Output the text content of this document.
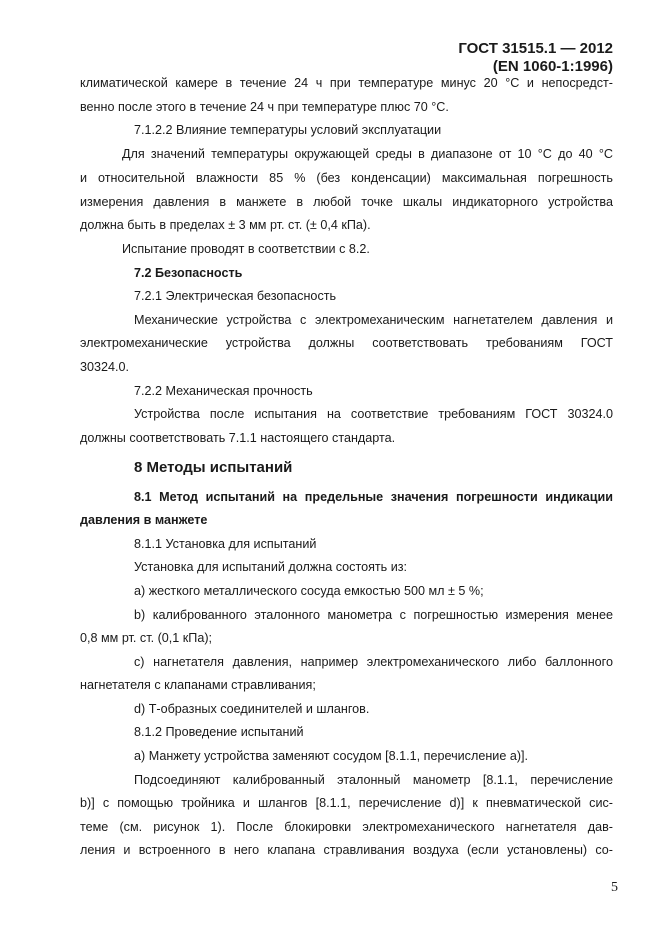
ГОСТ 31515.1 — 2012
(EN 1060-1:1996)
климатической камере в течение 24 ч при температуре минус 20 °С и непосредст-
венно после этого в течение 24 ч при температуре плюс 70 °С.
7.1.2.2 Влияние температуры условий эксплуатации
Для значений температуры окружающей среды в диапазоне от 10 °С до 40 °С
и относительной влажности 85 % (без конденсации) максимальная погрешность
измерения давления в манжете в любой точке шкалы индикаторного устройства
должна быть в пределах ± 3 мм рт. ст. (± 0,4 кПа).
Испытание проводят в соответствии с 8.2.
7.2 Безопасность
7.2.1 Электрическая безопасность
Механические устройства с электромеханическим нагнетателем давления и
электромеханические устройства должны соответствовать требованиям ГОСТ
30324.0.
7.2.2 Механическая прочность
Устройства после испытания на соответствие требованиям ГОСТ 30324.0
должны соответствовать 7.1.1 настоящего стандарта.
8 Методы испытаний
8.1 Метод испытаний на предельные значения погрешности индикации
давления в манжете
8.1.1 Установка для испытаний
Установка для испытаний должна состоять из:
a) жесткого металлического сосуда емкостью 500 мл ± 5 %;
b) калиброванного эталонного манометра с погрешностью измерения менее
0,8 мм рт. ст. (0,1 кПа);
c) нагнетателя давления, например электромеханического либо баллонного
нагнетателя с клапанами стравливания;
d) Т-образных соединителей и шлангов.
8.1.2 Проведение испытаний
a) Манжету устройства заменяют сосудом [8.1.1, перечисление a)].
Подсоединяют калиброванный эталонный манометр [8.1.1, перечисление
b)] с помощью тройника и шлангов [8.1.1, перечисление d)] к пневматической сис-
теме (см. рисунок 1). После блокировки электромеханического нагнетателя дав-
ления и встроенного в него клапана стравливания воздуха (если установлены) со-
5
